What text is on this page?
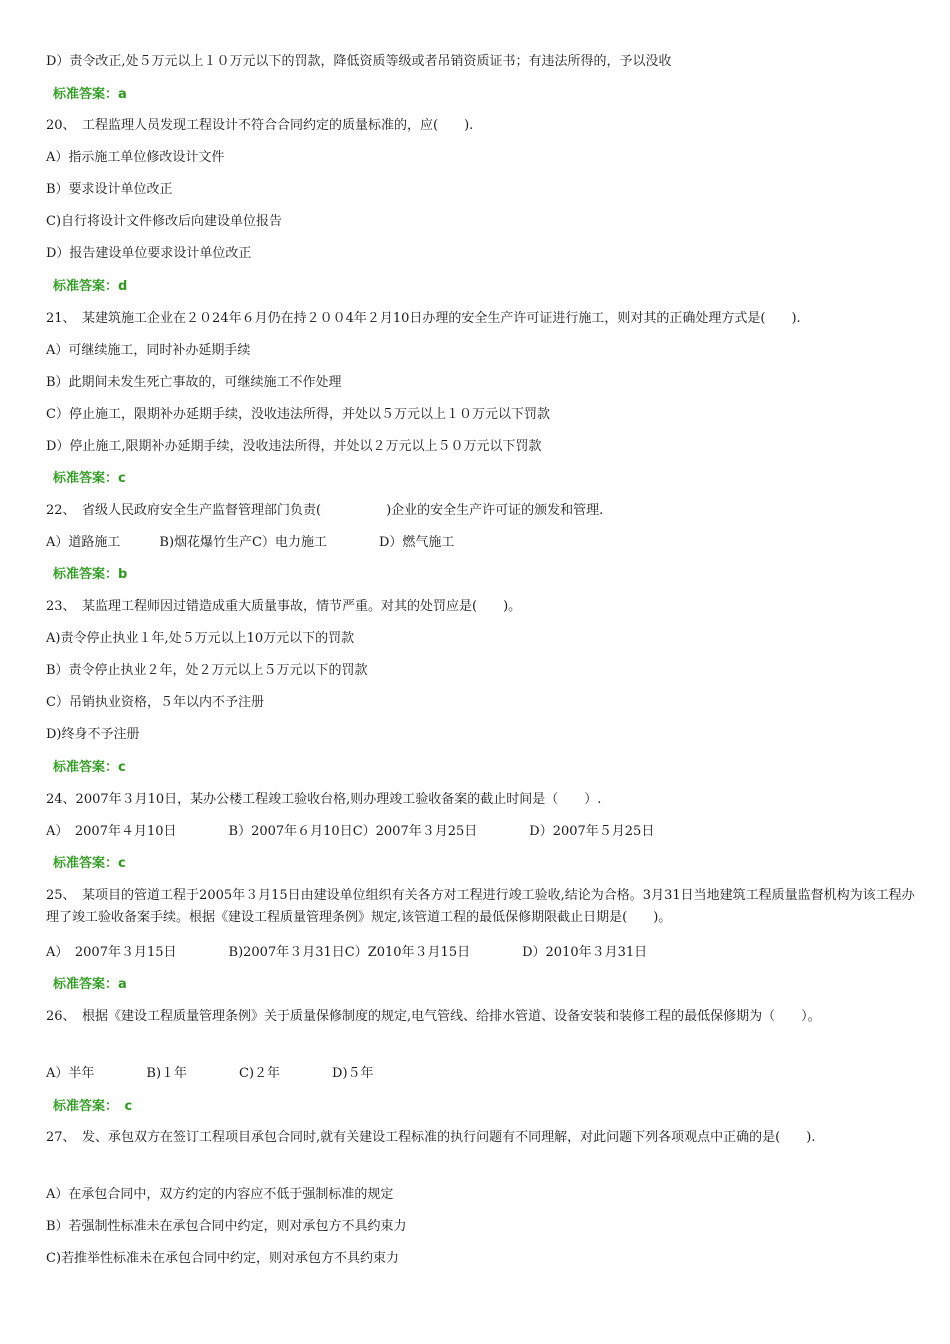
D）责令改正,处５万元以上１０万元以下的罚款，降低资质等级或者吊销资质证书；有违法所得的，予以没收
标准答案：a
20、　工程监理人员发现工程设计不符合合同约定的质量标准的，应(　　).
A）指示施工单位修改设计文件
B）要求设计单位改正
C)自行将设计文件修改后向建设单位报告
D）报告建设单位要求设计单位改正
标准答案：d
21、　某建筑施工企业在２０24年６月仍在持２００4年２月10日办理的安全生产许可证进行施工，则对其的正确处理方式是(　　).
A）可继续施工，同时补办延期手续
B）此期间未发生死亡事故的，可继续施工不作处理
C）停止施工，限期补办延期手续，没收违法所得，并处以５万元以上１０万元以下罚款
D）停止施工,限期补办延期手续，没收违法所得，并处以２万元以上５０万元以下罚款
标准答案：c
22、　省级人民政府安全生产监督管理部门负责(　　　　　)企业的安全生产许可证的颁发和管理.
A）道路施工　　　B)烟花爆竹生产C）电力施工　　　　D）燃气施工
标准答案：b
23、　某监理工程师因过错造成重大质量事故，情节严重。对其的处罚应是(　　)。
A)责令停止执业１年,处５万元以上10万元以下的罚款
B）责令停止执业２年，处２万元以上５万元以下的罚款
C）吊销执业资格，５年以内不予注册
D)终身不予注册
标准答案：c
24、2007年３月10日，某办公楼工程竣工验收台格,则办理竣工验收备案的截止时间是（　　）.
A）　2007年４月10日　　　　B）2007年６月10日C）2007年３月25日　　　　D）2007年５月25日
标准答案：c
25、　某项目的管道工程于2005年３月15日由建设单位组织有关各方对工程进行竣工验收,结论为合格。3月31日当地建筑工程质量监督机构为该工程办理了竣工验收备案手续。根据《建设工程质量管理条例》规定,该管道工程的最低保修期限截止日期是(　　)。
A）　2007年３月15日　　　　B)2007年３月31日C）Z010年３月15日　　　　D）2010年３月31日
标准答案：a
26、　根据《建设工程质量管理条例》关于质量保修制度的规定,电气管线、给排水管道、设备安装和装修工程的最低保修期为（　　）。
A）半年　　　　B)１年　　　　C)２年　　　　D)５年
标准答案：　c
27、　发、承包双方在签订工程项目承包合同时,就有关建设工程标准的执行问题有不同理解，对此问题下列各项观点中正确的是(　　).
A）在承包合同中，双方约定的内容应不低于强制标准的规定
B）若强制性标准未在承包合同中约定，则对承包方不具约束力
C)若推举性标准未在承包合同中约定，则对承包方不具约束力
